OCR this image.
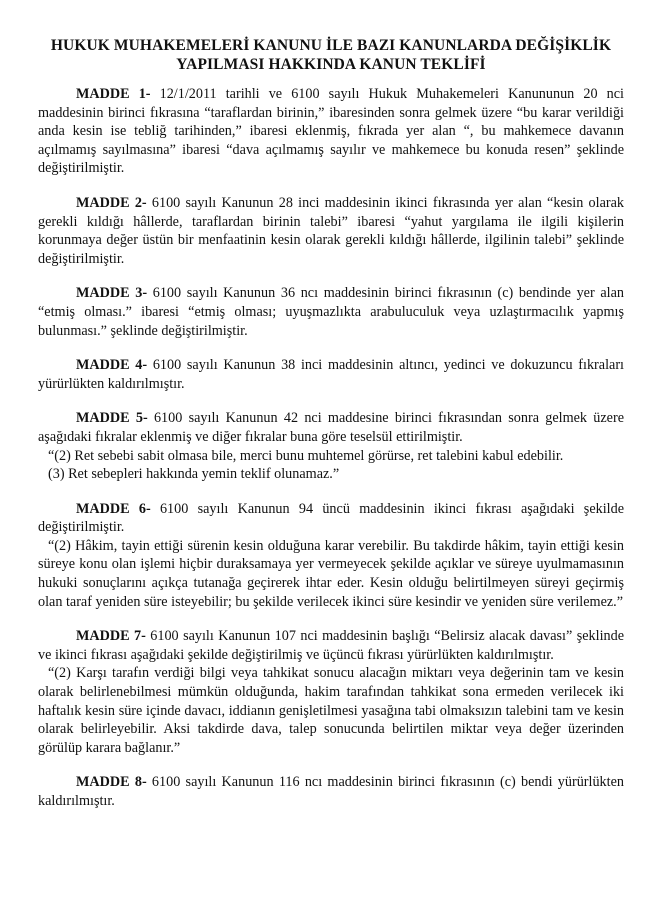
HUKUK MUHAKEMELERİ KANUNU İLE BAZI KANUNLARDA DEĞİŞİKLİK
YAPILMASI HAKKINDA KANUN TEKLİFİ

MADDE 1- 12/1/2011 tarihli ve 6100 sayılı Hukuk Muhakemeleri Kanununun 20 nci maddesinin birinci fıkrasına “taraflardan birinin,” ibaresinden sonra gelmek üzere “bu karar verildiği anda kesin ise tebliğ tarihinden,” ibaresi eklenmiş, fıkrada yer alan “, bu mahkemece davanın açılmamış sayılmasına” ibaresi “dava açılmamış sayılır ve mahkemece bu konuda resen” şeklinde değiştirilmiştir.

MADDE 2- 6100 sayılı Kanunun 28 inci maddesinin ikinci fıkrasında yer alan “kesin olarak gerekli kıldığı hâllerde, taraflardan birinin talebi” ibaresi “yahut yargılama ile ilgili kişilerin korunmaya değer üstün bir menfaatinin kesin olarak gerekli kıldığı hâllerde, ilgilinin talebi” şeklinde değiştirilmiştir.

MADDE 3- 6100 sayılı Kanunun 36 ncı maddesinin birinci fıkrasının (c) bendinde yer alan “etmiş olması.” ibaresi “etmiş olması; uyuşmazlıkta arabuluculuk veya uzlaştırmacılık yapmış bulunması.” şeklinde değiştirilmiştir.

MADDE 4- 6100 sayılı Kanunun 38 inci maddesinin altıncı, yedinci ve dokuzuncu fıkraları yürürlükten kaldırılmıştır.

MADDE 5- 6100 sayılı Kanunun 42 nci maddesine birinci fıkrasından sonra gelmek üzere aşağıdaki fıkralar eklenmiş ve diğer fıkralar buna göre teselsül ettirilmiştir.

“(2) Ret sebebi sabit olmasa bile, merci bunu muhtemel görürse, ret talebini kabul edebilir.

(3) Ret sebepleri hakkında yemin teklif olunamaz.”

MADDE 6- 6100 sayılı Kanunun 94 üncü maddesinin ikinci fıkrası aşağıdaki şekilde değiştirilmiştir.

“(2) Hâkim, tayin ettiği sürenin kesin olduğuna karar verebilir. Bu takdirde hâkim, tayin ettiği kesin süreye konu olan işlemi hiçbir duraksamaya yer vermeyecek şekilde açıklar ve süreye uyulmamasının hukuki sonuçlarını açıkça tutanağa geçirerek ihtar eder. Kesin olduğu belirtilmeyen süreyi geçirmiş olan taraf yeniden süre isteyebilir; bu şekilde verilecek ikinci süre kesindir ve yeniden süre verilemez.”

MADDE 7- 6100 sayılı Kanunun 107 nci maddesinin başlığı “Belirsiz alacak davası” şeklinde ve ikinci fıkrası aşağıdaki şekilde değiştirilmiş ve üçüncü fıkrası yürürlükten kaldırılmıştır.

“(2) Karşı tarafın verdiği bilgi veya tahkikat sonucu alacağın miktarı veya değerinin tam ve kesin olarak belirlenebilmesi mümkün olduğunda, hakim tarafından tahkikat sona ermeden verilecek iki haftalık kesin süre içinde davacı, iddianın genişletilmesi yasağına tabi olmaksızın talebini tam ve kesin olarak belirleyebilir. Aksi takdirde dava, talep sonucunda belirtilen miktar veya değer üzerinden görülüp karara bağlanır.”

MADDE 8- 6100 sayılı Kanunun 116 ncı maddesinin birinci fıkrasının (c) bendi yürürlükten kaldırılmıştır.
